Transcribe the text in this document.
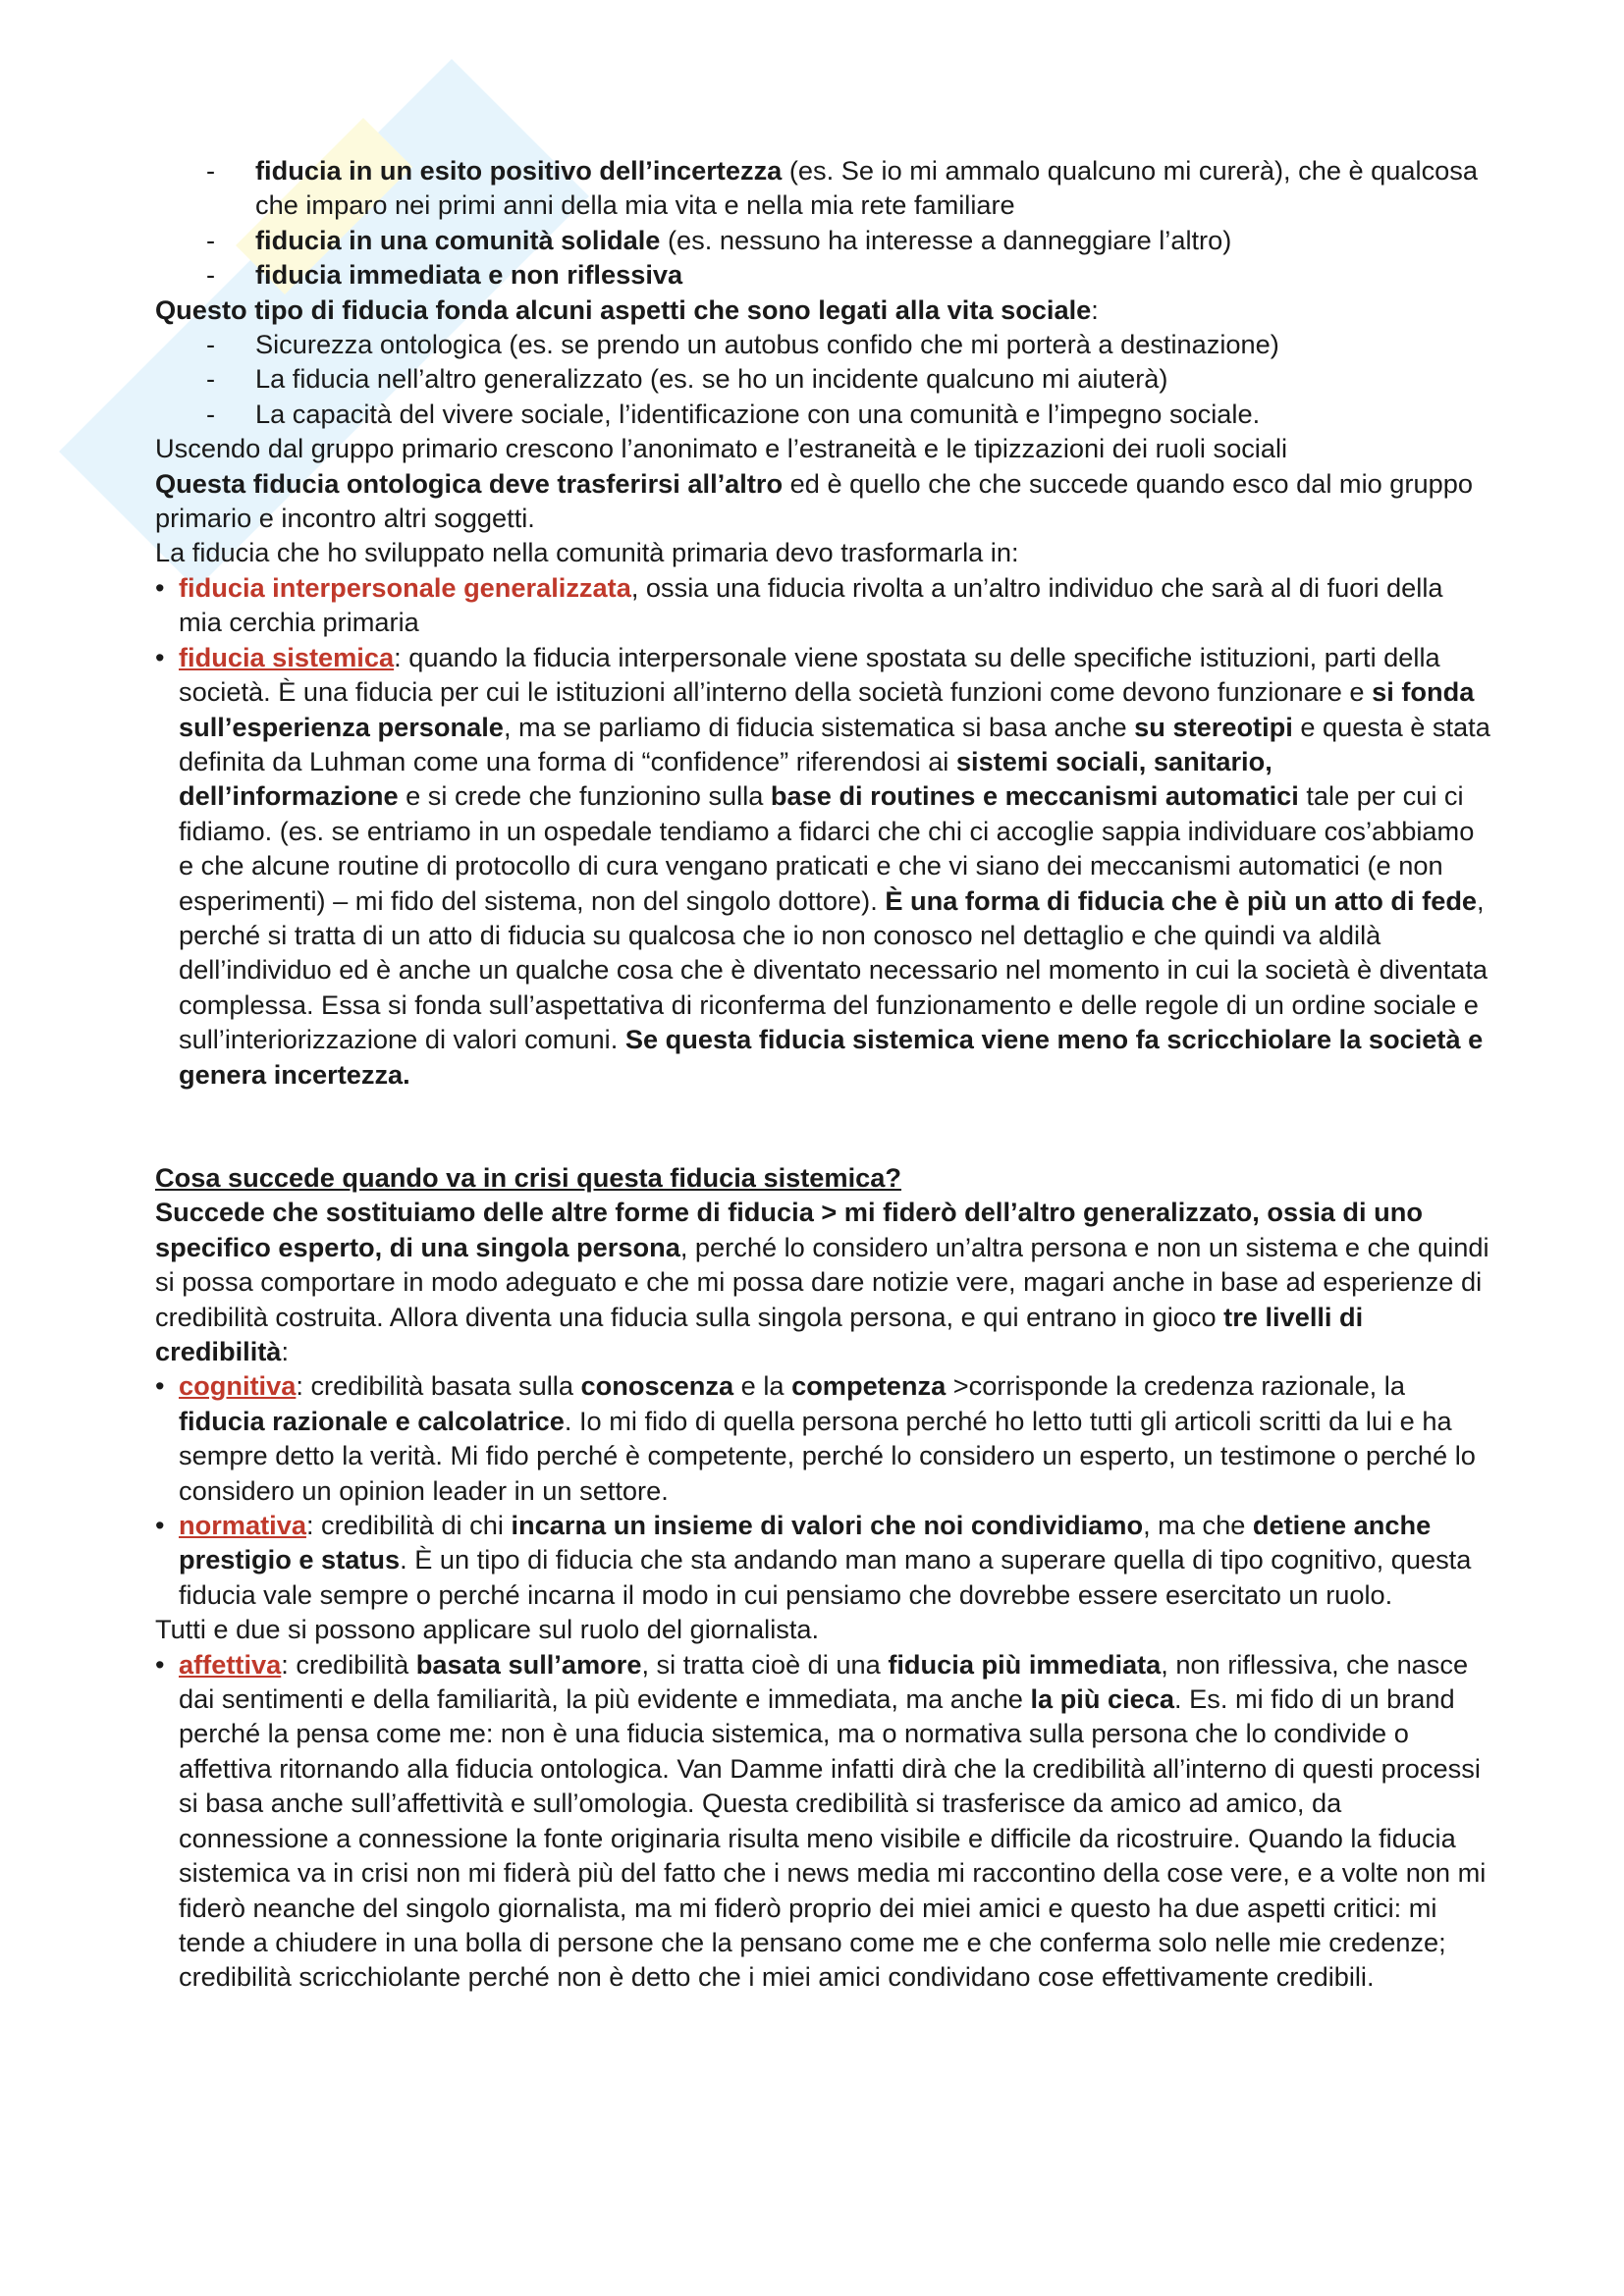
- fiducia in un esito positivo dell’incertezza (es. Se io mi ammalo qualcuno mi curerà), che è qualcosa che imparo nei primi anni della mia vita e nella mia rete familiare

- fiducia in una comunità solidale (es. nessuno ha interesse a danneggiare l’altro)

- fiducia immediata e non riflessiva

Questo tipo di fiducia fonda alcuni aspetti che sono legati alla vita sociale:

- Sicurezza ontologica (es. se prendo un autobus confido che mi porterà a destinazione)

- La fiducia nell’altro generalizzato (es. se ho un incidente qualcuno mi aiuterà)

- La capacità del vivere sociale, l’identificazione con una comunità e l’impegno sociale.

Uscendo dal gruppo primario crescono l’anonimato e l’estraneità e le tipizzazioni dei ruoli sociali

Questa fiducia ontologica deve trasferirsi all’altro ed è quello che che succede quando esco dal mio gruppo primario e incontro altri soggetti.

La fiducia che ho sviluppato nella comunità primaria devo trasformarla in:

• fiducia interpersonale generalizzata, ossia una fiducia rivolta a un’altro individuo che sarà al di fuori della mia cerchia primaria

• fiducia sistemica: quando la fiducia interpersonale viene spostata su delle specifiche istituzioni, parti della società. È una fiducia per cui le istituzioni all’interno della società funzioni come devono funzionare e si fonda sull’esperienza personale, ma se parliamo di fiducia sistematica si basa anche su stereotipi e questa è stata definita da Luhman come una forma di “confidence” riferendosi ai sistemi sociali, sanitario, dell’informazione e si crede che funzionino sulla base di routines e meccanismi automatici tale per cui ci fidiamo. (es. se entriamo in un ospedale tendiamo a fidarci che chi ci accoglie sappia individuare cos’abbiamo e che alcune routine di protocollo di cura vengano praticati e che vi siano dei meccanismi automatici (e non esperimenti) – mi fido del sistema, non del singolo dottore). È una forma di fiducia che è più un atto di fede, perché si tratta di un atto di fiducia su qualcosa che io non conosco nel dettaglio e che quindi va aldilà dell’individuo ed è anche un qualche cosa che è diventato necessario nel momento in cui la società è diventata complessa. Essa si fonda sull’aspettativa di riconferma del funzionamento e delle regole di un ordine sociale e sull’interiorizzazione di valori comuni. Se questa fiducia sistemica viene meno fa scricchiolare la società e genera incertezza.

Cosa succede quando va in crisi questa fiducia sistemica?

Succede che sostituiamo delle altre forme di fiducia > mi fiderò dell’altro generalizzato, ossia di uno specifico esperto, di una singola persona, perché lo considero un’altra persona e non un sistema e che quindi si possa comportare in modo adeguato e che mi possa dare notizie vere, magari anche in base ad esperienze di credibilità costruita. Allora diventa una fiducia sulla singola persona, e qui entrano in gioco tre livelli di credibilità:

• cognitiva: credibilità basata sulla conoscenza e la competenza >corrisponde la credenza razionale, la fiducia razionale e calcolatrice. Io mi fido di quella persona perché ho letto tutti gli articoli scritti da lui e ha sempre detto la verità. Mi fido perché è competente, perché lo considero un esperto, un testimone o perché lo considero un opinion leader in un settore.

• normativa: credibilità di chi incarna un insieme di valori che noi condividiamo, ma che detiene anche prestigio e status. È un tipo di fiducia che sta andando man mano a superare quella di tipo cognitivo, questa fiducia vale sempre o perché incarna il modo in cui pensiamo che dovrebbe essere esercitato un ruolo.

Tutti e due si possono applicare sul ruolo del giornalista.

• affettiva: credibilità basata sull’amore, si tratta cioè di una fiducia più immediata, non riflessiva, che nasce dai sentimenti e della familiarità, la più evidente e immediata, ma anche la più cieca. Es. mi fido di un brand perché la pensa come me: non è una fiducia sistemica, ma o normativa sulla persona che lo condivide o affettiva ritornando alla fiducia ontologica. Van Damme infatti dirà che la credibilità all’interno di questi processi si basa anche sull’affettività e sull’omologia. Questa credibilità si trasferisce da amico ad amico, da connessione a connessione la fonte originaria risulta meno visibile e difficile da ricostruire. Quando la fiducia sistemica va in crisi non mi fiderà più del fatto che i news media mi raccontino della cose vere, e a volte non mi fiderò neanche del singolo giornalista, ma mi fiderò proprio dei miei amici e questo ha due aspetti critici: mi tende a chiudere in una bolla di persone che la pensano come me e che conferma solo nelle mie credenze; credibilità scricchiolante perché non è detto che i miei amici condividano cose effettivamente credibili.
